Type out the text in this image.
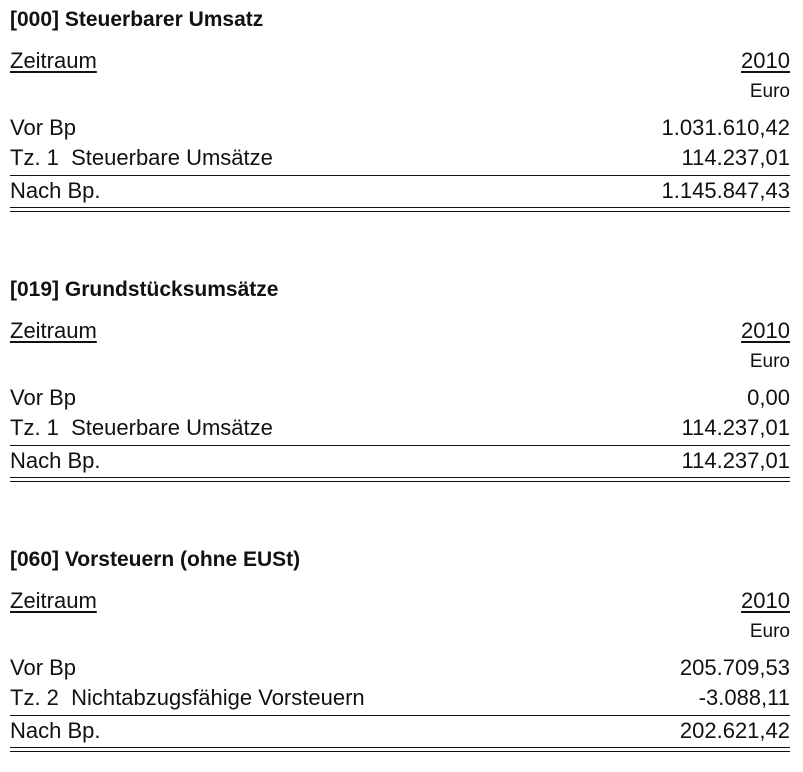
[000] Steuerbarer Umsatz
Zeitraum	2010
Euro
Vor Bp	1.031.610,42
Tz. 1  Steuerbare Umsätze	114.237,01
Nach Bp.	1.145.847,43
[019] Grundstücksumsätze
Zeitraum	2010
Euro
Vor Bp	0,00
Tz. 1  Steuerbare Umsätze	114.237,01
Nach Bp.	114.237,01
[060] Vorsteuern (ohne EUSt)
Zeitraum	2010
Euro
Vor Bp	205.709,53
Tz. 2  Nichtabzugsfähige Vorsteuern	-3.088,11
Nach Bp.	202.621,42
